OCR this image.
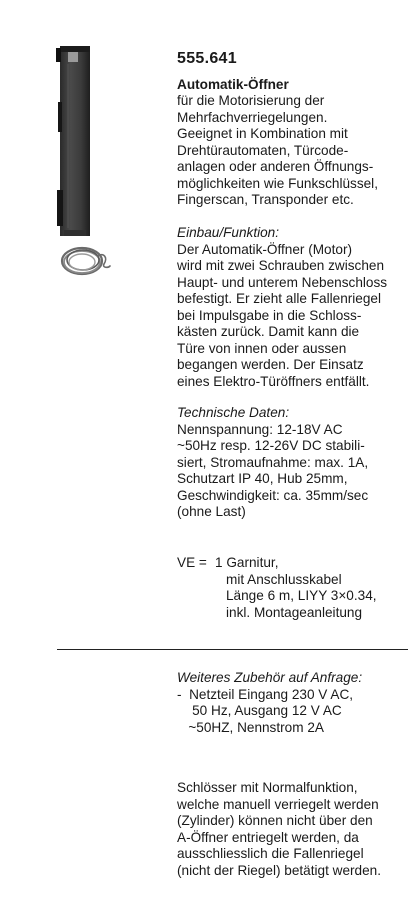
555.641
Automatik-Öffner
für die Motorisierung der
Mehrfachverriegelungen.
Geeignet in Kombination mit
Drehtürautomaten, Türcode-
anlagen oder anderen Öffnungs-
möglichkeiten wie Funkschlüssel,
Fingerscan, Transponder etc.
Einbau/Funktion:
Der Automatik-Öffner (Motor)
wird mit zwei Schrauben zwischen
Haupt- und unterem Nebenschloss
befestigt. Er zieht alle Fallenriegel
bei Impulsgabe in die Schloss-
kästen zurück. Damit kann die
Türe von innen oder aussen
begangen werden. Der Einsatz
eines Elektro-Türöffners entfällt.
Technische Daten:
Nennspannung: 12-18V AC
~50Hz resp. 12-26V DC stabili-
siert, Stromaufnahme: max. 1A,
Schutzart IP 40, Hub 25mm,
Geschwindigkeit: ca. 35mm/sec
(ohne Last)
VE = 1 Garnitur,
mit Anschlusskabel
Länge 6 m, LIYY 3×0.34,
inkl. Montageanleitung
Weiteres Zubehör auf Anfrage:
-  Netzteil Eingang 230 V AC,
50 Hz, Ausgang 12 V AC
~50HZ, Nennstrom 2A
Schlösser mit Normalfunktion,
welche manuell verriegelt werden
(Zylinder) können nicht über den
A-Öffner entriegelt werden, da
ausschliesslich die Fallenriegel
(nicht der Riegel) betätigt werden.
